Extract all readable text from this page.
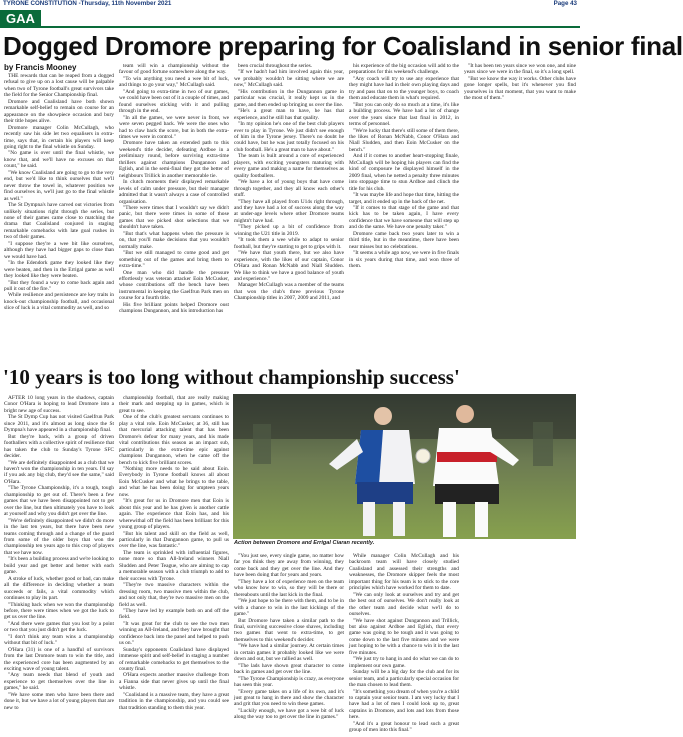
TYRONE CONSTITUTION -Thursday, 11th November 2021	Page 43
GAA
Dogged Dromore preparing for Coalisland in senior final
by Francis Mooney

THE rewards that can be reaped from a dogged refusal to give up on a lost cause will be palpable when two of Tyrone football's great survivors take the field for the Senior Championship final.

Dromore and Coalisland have both shown remarkable self-belief to remain on course for an appearance on the showpiece occasion and bury their title hopes alive.

Dromore manager Colin McCullagh, who recently saw his side let two equalisers in extra-time, says that, in certain his players will keep going right to the final whistle on Sunday.

"No game is over until the final whistle, we know that, and we'll have no excuses on that count," he said.

"We know Coalisland are going to go to the very end, but we'd like to think ourselves that we'll never throw the towel in, whatever position we find ourselves in, we'll just go to the final whistle as well."

The St Dympna's have carved out victories from unlikely situations right through the series, but none of their games came close to matching the drama that Coalisland conjured in staging remarkable comebacks with late goal rushes in two of their games.

"I suppose they're a wee bit like ourselves, although they have had bigger gaps to close than we would have had.

"In the Edendork game they looked like they were beaten, and then in the Errigal game as well they looked like they were beaten.

"But they found a way to come back again and pull it out of the fire."

While resilience and persistence are key traits in knock-out championship football, and occasional slice of luck is a vital commodity as well, and so

team will win a championship without the favour of good fortune somewhere along the way.

"To win anything you need a wee bit of luck, and things to go your way," McCullagh said.

"And going to extra-time in two of our games, we could have been out of it a couple of times, and found ourselves sticking with it and pulling through in the end.

"In all the games, we were never in front, we were seven pegged back. We were the ones who had to claw back the score, but in both the extra-times we were in control."

Dromore have taken an extended path to this weekend's title decider, defeating Ardboe in a preliminary round, before surviving extra-time thrillers against champions Dungannon and Eglish, and in the semi-final they got the better of neighbours Trillick in another memorable tie.

In clutch moments their displayed remarkable levels of calm under pressure, but their manager admitted that it wasn't always a case of controlled organisation.

"There were times that I wouldn't say we didn't panic, but there were times in some of those games that we picked shot selections that we shouldn't have taken.

"But that's what happens when the pressure is on, that you'll make decisions that you wouldn't normally make.

"But we still managed to come good and get something out of the games and bring them to extra-time."

One man who did handle the pressure effortlessly was veteran attacker Eoin McCusker, whose contributions off the bench have been instrumental in keeping the Gaelfrun Park men on course for a fourth title.

His five brilliant points helped Dromore oust champions Dungannon, and his introduction has

been crucial throughout the series.

"If we hadn't had him involved again this year, we probably wouldn't be sitting where we are now," McCullagh said.

"His contribution in the Dungannon game in particular was crucial, it really kept us in the game, and then ended up bringing us over the line.

"He's a great man to have, he has that experience, and he still has that quality.

"In my opinion he's one of the best club players ever to play in Tyrone. We just didn't see enough of him in the Tyrone jersey. There's no doubt he could have, but he was just totally focused on his club football. He's a great man to have about."

The team is built around a core of experienced players, with exciting youngsters maturing with every game and making a name for themselves as quality footballers.

"We have a lot of young boys that have come through together, and they all know each other's stuff.

"They have all played from U14s right through, and they have had a lot of success along the way at under-age levels where other Dromore teams mightn't have had.

"They picked up a bit of confidence from winning the U21 title in 2019.

"It took them a wee while to adapt to senior football, but they're starting to get to grips with it.

"We have that youth there, but we also have experience, with the likes of our captain, Conor O'Hara and Ronan McNabb and Niall Sludden. We like to think we have a good balance of youth and experience."

Manager McCullagh was a member of the teams that won the club's three previous Tyrone Championship titles in 2007, 2009 and 2011, and

his experience of the big occasion will add to the preparations for this weekend's challenge.

"Any coach will try to use any experience that they might have had in their own playing days and try and pass that on to the younger boys, to coach them and educate them in what's required.

"But you can only do so much at a time, it's like a building process. We have had a lot of change over the years since that last final in 2012, in terms of personnel.

"We're lucky that there's still some of them there, the likes of Ronan McNabb, Conor O'Hara and Niall Sludden, and then Eoin McCusker on the bench."

And if it comes to another heart-stopping finale, McCullagh will be hoping his players can find the kind of composure he displayed himself in the 2009 final, when he netted a penalty three minutes into stoppage time to stun Ardboe and clinch the title for his club.

"It was maybe life and hope that time, hitting the target, and it ended up in the back of the net.

"If it comes to that stage of the game and that kick has to be taken again, I have every confidence that we have someone that will step up and do the same. We have one penalty taker."

Dromore came back two years later to win a third title, but in the meantime, there have been near misses but no celebrations.

"It seems a while ago now, we were in five finals in six years during that time, and won three of them.

"It has been ten years since we won one, and nine years since we were in the final, so it's a long spell.

"But we know the way it works. Other clubs have gone longer spells, but it's whenever you find yourselves in that moment, that you want to make the most of them."

'10 years is too long without championship success'

AFTER 10 long years in the shadows, captain Conor O'Hara is hoping to lead Dromore into a bright new age of success.

The St Dymp Cup has not visited Gaelfrun Park since 2011, and it's almost as long since the St Dympna's have appeared in a championship final.

But they're back, with a group of driven footballers with a collective spirit of resilience that has taken the club to Sunday's Tyrone SFC decider.

"We are definitely disappointed as a club that we haven't won the championship in ten years. I'd say if you ask any big club, they'd see the same," said O'Hara.

"The Tyrone Championship, it's a tough, tough championship to get out of. There's been a few games that we have been disappointed not to get over the line, but then ultimately you have to look at yourself and why you didn't get over the line.

"We're definitely disappointed we didn't do more in the last ten years, but there have been new teams coming through and a change of the guard from some of the older boys that won the championship ten years ago to this crop of players that we have now.

"It's been a building process and we're looking to build year and get better and better with each game.

A stroke of luck, whether good or bad, can make all the difference in deciding whether a team succeeds or fails, a vital commodity which continues to play its part.

"Thinking back when we won the championship before, there were times when we got the luck to get us over the line.

"And there were games that you lost by a point or two that you just didn't get the luck.

"I don't think any team wins a championship without that bit of luck."

O'Hara (31) is one of a handful of survivors from the last Dromore team to win the title, and the experienced core has been augmented by an exciting wave of young talent.

"Any team needs that blend of youth and experience to get themselves over the line in games," he said.

"We have some men who have been there and done it, but we have a lot of young players that are new to

championship football, that are really making their mark and stepping up in games, which is great to see.

One of the club's greatest servants continues to play a vital role. Eoin McCusker, at 36, still has that mercurial attacking talent that has been Dromore's defour for many years, and his made vital contributions this season as an impact sub, particularly in the extra-time epic against champions Dungannon, when he came off the bench to kick five brilliant scores.

"Nothing more needs to be said about Eoin. Everybody in Tyrone football knows all about Eoin McCusker and what he brings to the table, and what he has been doing for umpteen years now.

"It's great for us in Dromore men that Eoin is about this year and he has given is another cattle again. The experience that Eoin has, and his wherewithal off the field has been brilliant for this young group of players.

"But his talent and skill on the field as well, particularly in that Dungannon game, to pull us over the line, was fantastic."

The team is sprinkled with influential figures, none more so than All-Ireland winners Niall Sludden and Peter Teague, who are aiming to cap a memorable season with a club triumph to add to their success with Tyrone.

"They're two massive characters within the dressing room, two massive men within the club, and not only that, they're two massive men on the field as well.

"They have led by example both on and off the field.

"It was great for the club to see the two men winning an All-Ireland, and they have brought that confidence back into the panel and helped to push us on."

Sunday's opponents Coalisland have displayed immense spirit and self-belief in staging a number of remarkable comebacks to get themselves to the county final.

O'Hara expects another massive challenge from a Fianna side that never gives up until the final whistle.

"Coalisland is a massive team, they have a great tradition in the championship, and you could see that tradition standing to them this year.

Action between Dromore and Errigal Ciaran recently.

"You just see, every single game, no matter how far you think they are away from winning, they come back and they get over the line. And they have been doing that for years and years.

"They have a lot of experience men on the team who know how to win, so they will be there or thereabouts until the last kick in the final.

"We just hope to be there with them, and to be in with a chance to win in the last kickings of the game."

But Dromore have taken a similar path to the final, surviving successive close shaves, including two games that went to extra-time, to get themselves to this weekend's decider.

"We have had a similar journey. At certain times in certain games it probably looked like we were down and out, but we rallied as well.

"The lads have shown great character to come back in games and get over the line.

"The Tyrone Championship is crazy, as everyone has seen this year.

"Every game takes on a life of its own, and it's just great to hang in there and show the character and grit that you need to win these games.

"Luckily enough, we have got a wee bit of luck along the way too to get over the line in games."

While manager Colin McCullagh and his backroom team will have closely studied Coalisland and assessed their strengths and weaknesses, the Dromore skipper feels the most important thing for his team is to stick to the core principles which have worked for them to date.

"We can only look at ourselves and try and get the best out of ourselves. We don't really look at the other team and decide what we'll do to ourselves.

"We have shot against Dungannon and Trillick, but also against Ardboe and Eglish, that every game was going to be tough and it was going to come down to the last five minutes and we were just hoping to be with a chance to win it in the last five minutes.

"We just try to hang in and do what we can do to implement our own game.

Sunday will be a big day for the club and for its senior team, and a particularly special occasion for the man chosen to lead them.

"It's something you dream of when you're a child to captain your senior team. I am very lucky that I have had a lot of men I could look up to, great captains in Dromore, and lots and lots from those here.

"And it's a great honour to lead such a great group of men into this final."
